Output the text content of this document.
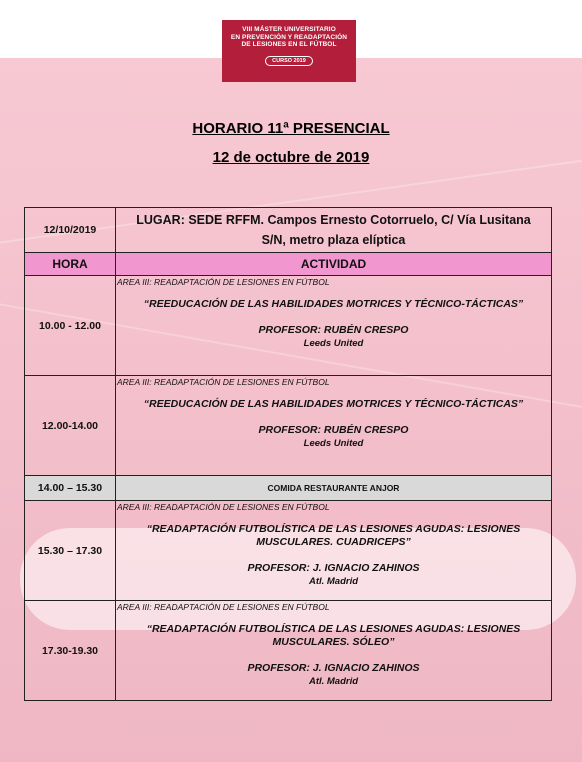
VIII MÁSTER UNIVERSITARIO
EN PREVENCIÓN Y READAPTACIÓN
DE LESIONES EN EL FÚTBOL
CURSO 2019
HORARIO 11ª PRESENCIAL
12 de octubre de 2019
12/10/2019	LUGAR: SEDE RFFM. Campos Ernesto Cotorruelo, C/ Vía Lusitana
S/N, metro plaza elíptica

HORA	ACTIVIDAD
10.00 - 12.00	AREA III: READAPTACIÓN DE LESIONES EN FÚTBOL
“REEDUCACIÓN DE LAS HABILIDADES MOTRICES Y TÉCNICO-TÁCTICAS”
PROFESOR: RUBÉN CRESPO
Leeds United

12.00-14.00	AREA III: READAPTACIÓN DE LESIONES EN FÚTBOL
“REEDUCACIÓN DE LAS HABILIDADES MOTRICES Y TÉCNICO-TÁCTICAS”
PROFESOR: RUBÉN CRESPO
Leeds United

14.00 – 15.30	COMIDA RESTAURANTE ANJOR
15.30 – 17.30	AREA III: READAPTACIÓN DE LESIONES EN FÚTBOL
“READAPTACIÓN FUTBOLÍSTICA DE LAS LESIONES AGUDAS: LESIONES MUSCULARES. CUADRICEPS”
PROFESOR: J. IGNACIO ZAHINOS
Atl. Madrid

17.30-19.30	AREA III: READAPTACIÓN DE LESIONES EN FÚTBOL
“READAPTACIÓN FUTBOLÍSTICA DE LAS LESIONES AGUDAS: LESIONES MUSCULARES. SÓLEO”
PROFESOR: J. IGNACIO ZAHINOS
Atl. Madrid
